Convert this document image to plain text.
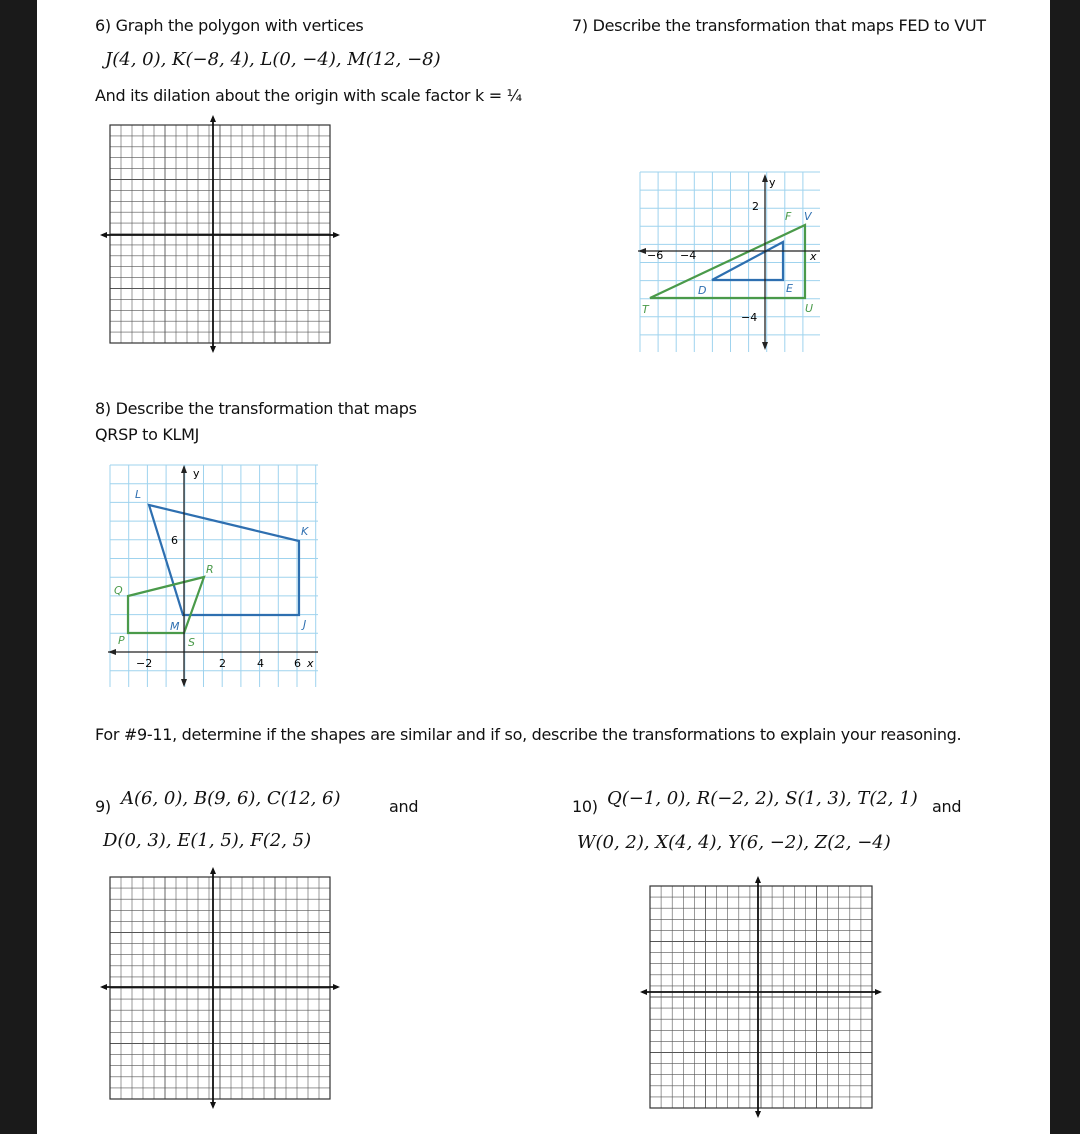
6) Graph the polygon with vertices
J(4, 0), K(−8, 4), L(0, −4), M(12, −8)
And its dilation about the origin with scale factor k = ¼
7) Describe the transformation that maps FED to VUT
y
x
2
−6 −4
−4
F V
D	E
T	U
8) Describe the transformation that maps
QRSP to KLMJ
y
L
K
6
R
Q
M	J
P	S
−2	2	4	6 x
For #9-11, determine if the shapes are similar and if so, describe the transformations to explain your reasoning.
9) A(6, 0), B(9, 6), C(12, 6)	and
D(0, 3), E(1, 5), F(2, 5)
10) Q(−1, 0), R(−2, 2), S(1, 3), T(2, 1) and
W(0, 2), X(4, 4), Y(6, −2), Z(2, −4)
